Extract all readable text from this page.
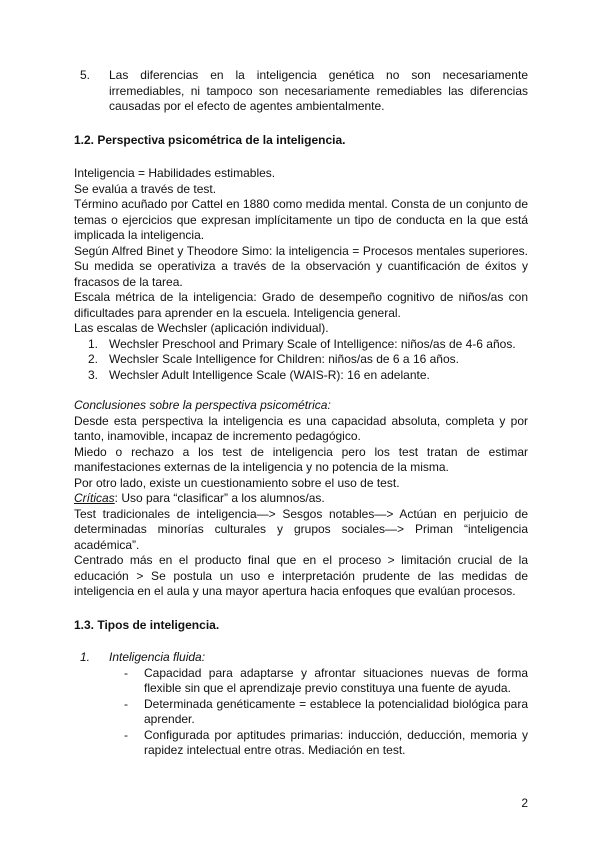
5. Las diferencias en la inteligencia genética no son necesariamente irremediables, ni tampoco son necesariamente remediables las diferencias causadas por el efecto de agentes ambientalmente.

1.2. Perspectiva psicométrica de la inteligencia.

Inteligencia = Habilidades estimables.

Se evalúa a través de test.

Término acuñado por Cattel en 1880 como medida mental. Consta de un conjunto de temas o ejercicios que expresan implícitamente un tipo de conducta en la que está implicada la inteligencia.

Según Alfred Binet y Theodore Simo: la inteligencia = Procesos mentales superiores. Su medida se operativiza a través de la observación y cuantificación de éxitos y fracasos de la tarea.

Escala métrica de la inteligencia: Grado de desempeño cognitivo de niños/as con dificultades para aprender en la escuela. Inteligencia general.

Las escalas de Wechsler (aplicación individual).

1. Wechsler Preschool and Primary Scale of Intelligence: niños/as de 4-6 años.
2. Wechsler Scale Intelligence for Children: niños/as de 6 a 16 años.
3. Wechsler Adult Intelligence Scale (WAIS-R): 16 en adelante.

Conclusiones sobre la perspectiva psicométrica:

Desde esta perspectiva la inteligencia es una capacidad absoluta, completa y por tanto, inamovible, incapaz de incremento pedagógico.

Miedo o rechazo a los test de inteligencia pero los test tratan de estimar manifestaciones externas de la inteligencia y no potencia de la misma.

Por otro lado, existe un cuestionamiento sobre el uso de test.

Críticas: Uso para “clasificar” a los alumnos/as.

Test tradicionales de inteligencia—> Sesgos notables—> Actúan en perjuicio de determinadas minorías culturales y grupos sociales—> Priman “inteligencia académica”.

Centrado más en el producto final que en el proceso > limitación crucial de la educación > Se postula un uso e interpretación prudente de las medidas de inteligencia en el aula y una mayor apertura hacia enfoques que evalúan procesos.

1.3. Tipos de inteligencia.

1. Inteligencia fluida:

- Capacidad para adaptarse y afrontar situaciones nuevas de forma flexible sin que el aprendizaje previo constituya una fuente de ayuda.
- Determinada genéticamente = establece la potencialidad biológica para aprender.
- Configurada por aptitudes primarias: inducción, deducción, memoria y rapidez intelectual entre otras. Mediación en test.
2
